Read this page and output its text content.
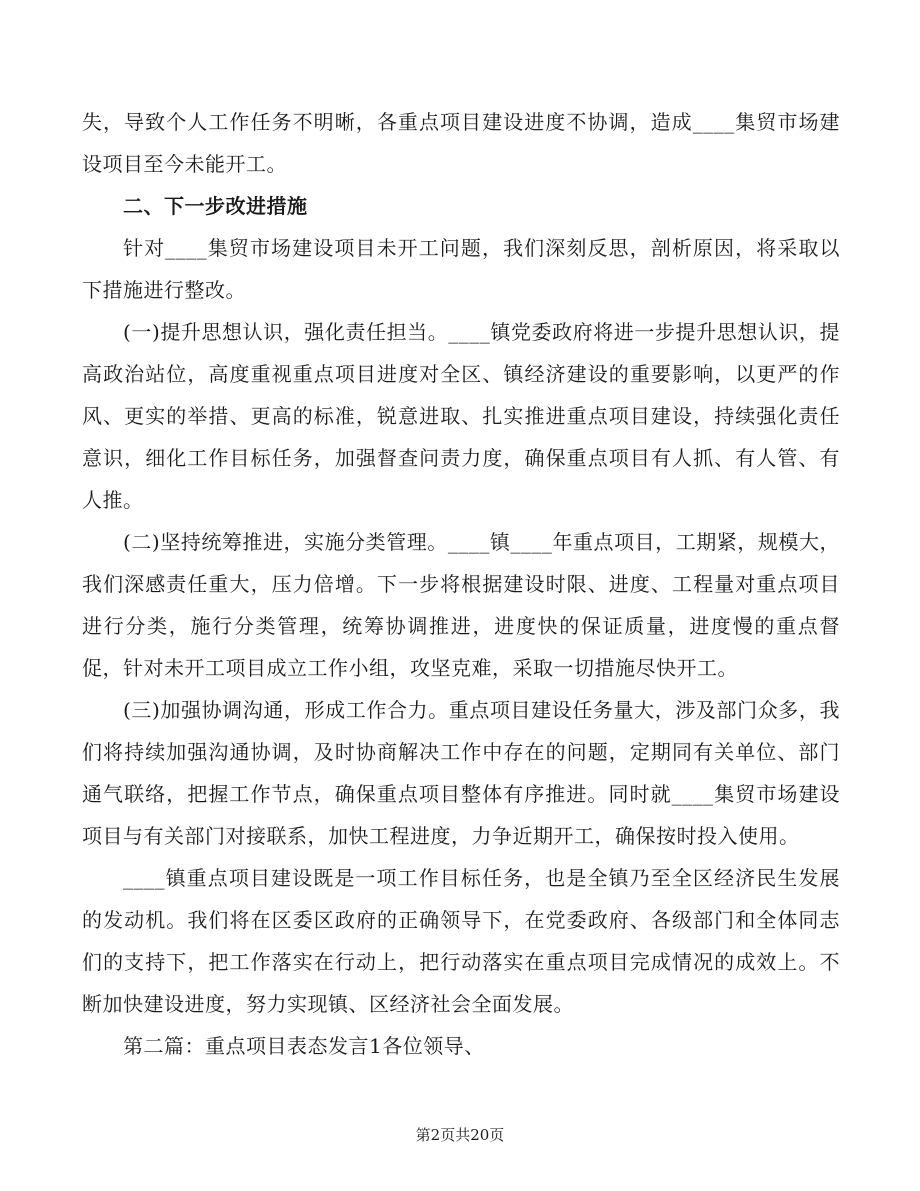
失，导致个人工作任务不明晰，各重点项目建设进度不协调，造成____集贸市场建设项目至今未能开工。

二、下一步改进措施

针对____集贸市场建设项目未开工问题，我们深刻反思，剖析原因，将采取以下措施进行整改。

(一)提升思想认识，强化责任担当。____镇党委政府将进一步提升思想认识，提高政治站位，高度重视重点项目进度对全区、镇经济建设的重要影响，以更严的作风、更实的举措、更高的标准，锐意进取、扎实推进重点项目建设，持续强化责任意识，细化工作目标任务，加强督查问责力度，确保重点项目有人抓、有人管、有人推。

(二)坚持统筹推进，实施分类管理。____镇____年重点项目，工期紧，规模大，我们深感责任重大，压力倍增。下一步将根据建设时限、进度、工程量对重点项目进行分类，施行分类管理，统筹协调推进，进度快的保证质量，进度慢的重点督促，针对未开工项目成立工作小组，攻坚克难，采取一切措施尽快开工。

(三)加强协调沟通，形成工作合力。重点项目建设任务量大，涉及部门众多，我们将持续加强沟通协调，及时协商解决工作中存在的问题，定期同有关单位、部门通气联络，把握工作节点，确保重点项目整体有序推进。同时就____集贸市场建设项目与有关部门对接联系，加快工程进度，力争近期开工，确保按时投入使用。

____镇重点项目建设既是一项工作目标任务，也是全镇乃至全区经济民生发展的发动机。我们将在区委区政府的正确领导下，在党委政府、各级部门和全体同志们的支持下，把工作落实在行动上，把行动落实在重点项目完成情况的成效上。不断加快建设进度，努力实现镇、区经济社会全面发展。

第二篇：重点项目表态发言1各位领导、

第2页共20页
